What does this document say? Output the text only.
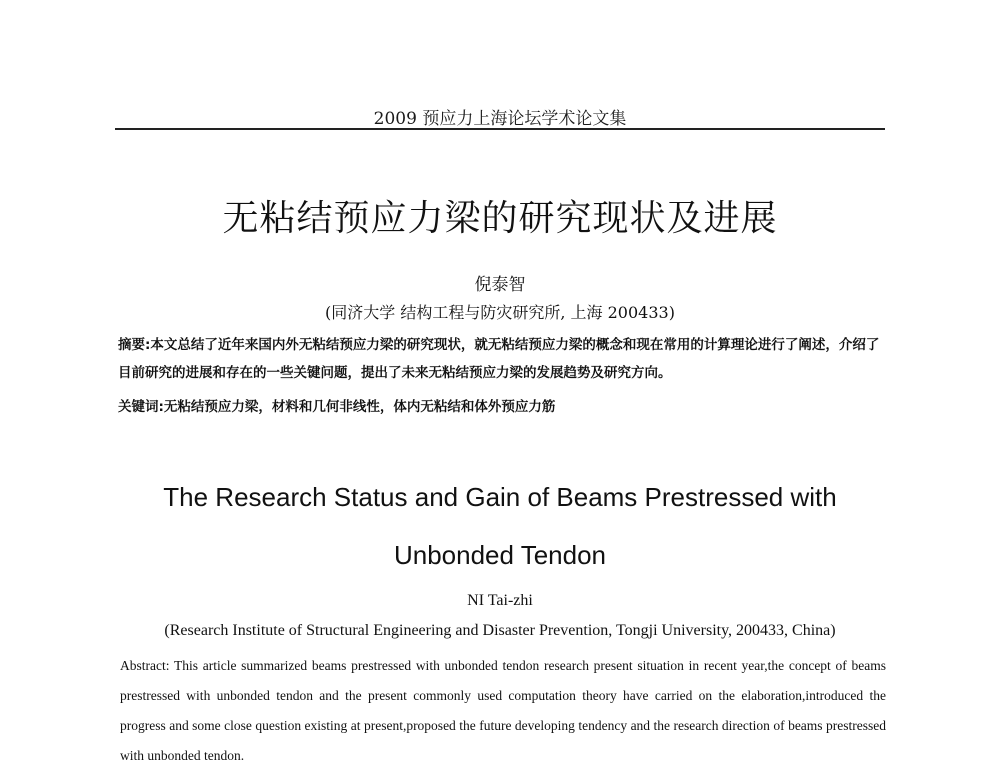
2009 预应力上海论坛学术论文集
无粘结预应力梁的研究现状及进展
倪泰智
(同济大学 结构工程与防灾研究所, 上海 200433)
摘要:本文总结了近年来国内外无粘结预应力梁的研究现状，就无粘结预应力梁的概念和现在常用的计算理论进行了阐述，介绍了目前研究的进展和存在的一些关键问题，提出了未来无粘结预应力梁的发展趋势及研究方向。
关键词:无粘结预应力梁，材料和几何非线性，体内无粘结和体外预应力筋
The Research Status and Gain of Beams Prestressed with
Unbonded Tendon
NI Tai-zhi
(Research Institute of Structural Engineering and Disaster Prevention, Tongji University, 200433, China)
Abstract: This article summarized beams prestressed with unbonded tendon research present situation in recent year,the concept of beams prestressed with unbonded tendon and the present commonly used computation theory have carried on the elaboration,introduced the progress and some close question existing at present,proposed the future developing tendency and the research direction of beams prestressed with unbonded tendon.
